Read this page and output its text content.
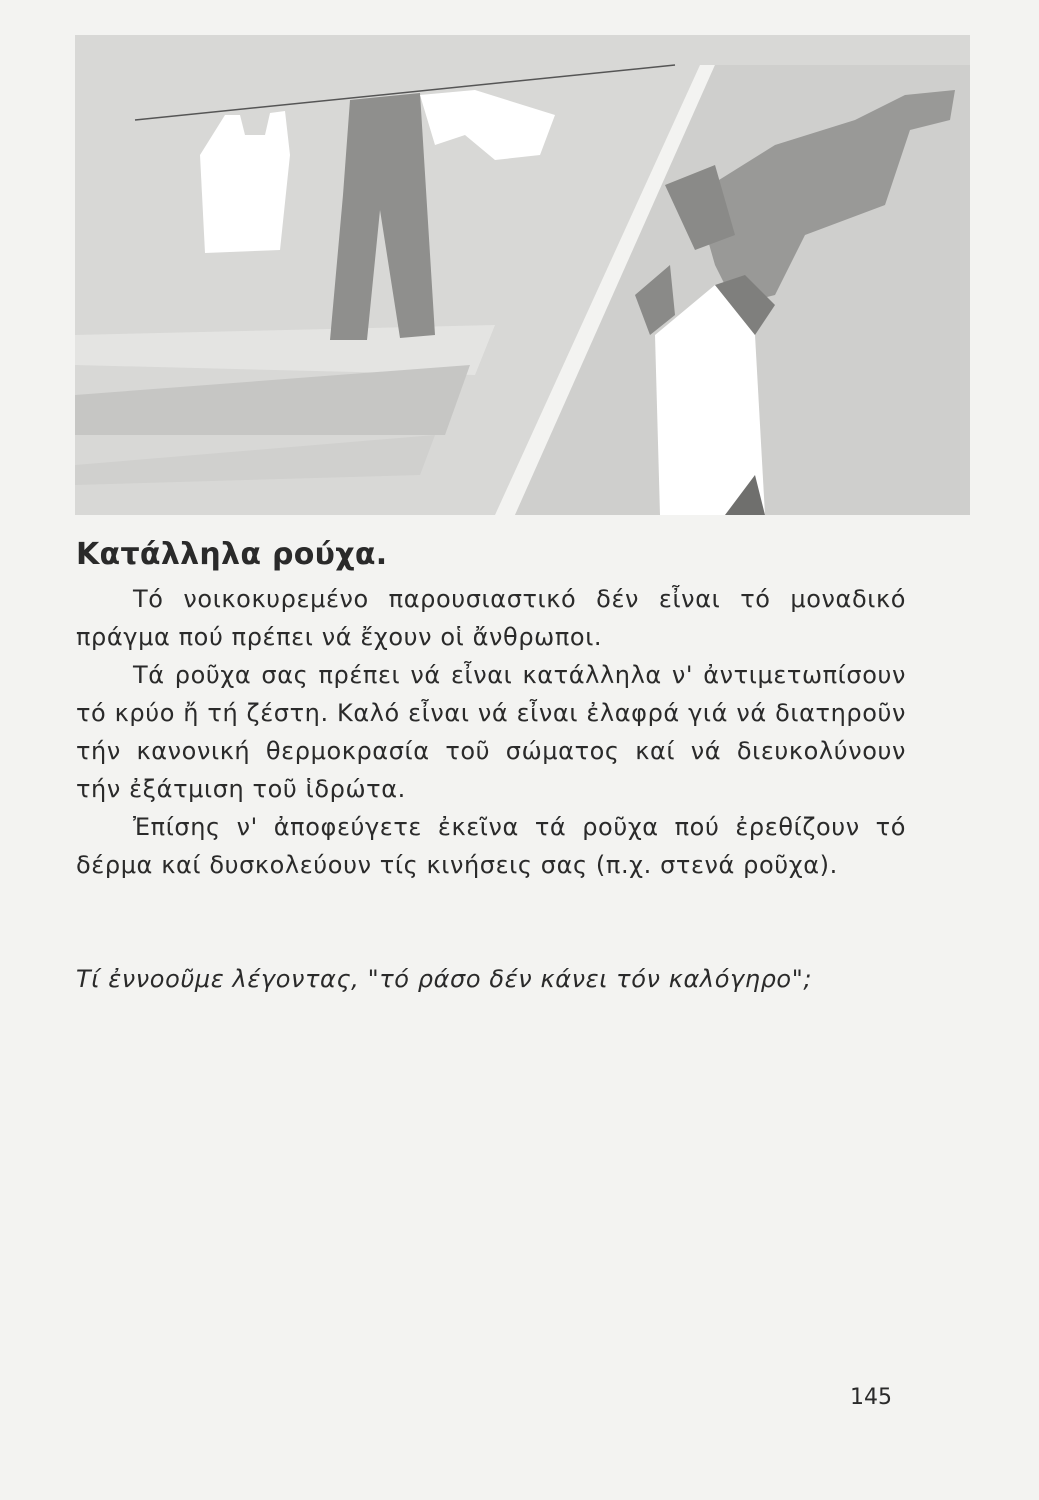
Κατάλληλα ρούχα.

Τό νοικοκυρεμένο παρουσιαστικό δέν εἶναι τό μοναδικό πράγμα πού πρέπει νά ἔχουν οἱ ἄνθρωποι.

Τά ροῦχα σας πρέπει νά εἶναι κατάλληλα ν' ἀντιμετωπίσουν τό κρύο ἤ τή ζέστη. Καλό εἶναι νά εἶναι ἐλαφρά γιά νά διατηροῦν τήν κανονική θερμοκρασία τοῦ σώματος καί νά διευκολύνουν τήν ἐξάτμιση τοῦ ἱδρώτα.

Ἐπίσης ν' ἀποφεύγετε ἐκεῖνα τά ροῦχα πού ἐρεθίζουν τό δέρμα καί δυσκολεύουν τίς κινήσεις σας (π.χ. στενά ροῦχα).

Τί ἐννοοῦμε λέγοντας, "τό ράσο δέν κάνει τόν καλόγηρο";

145
